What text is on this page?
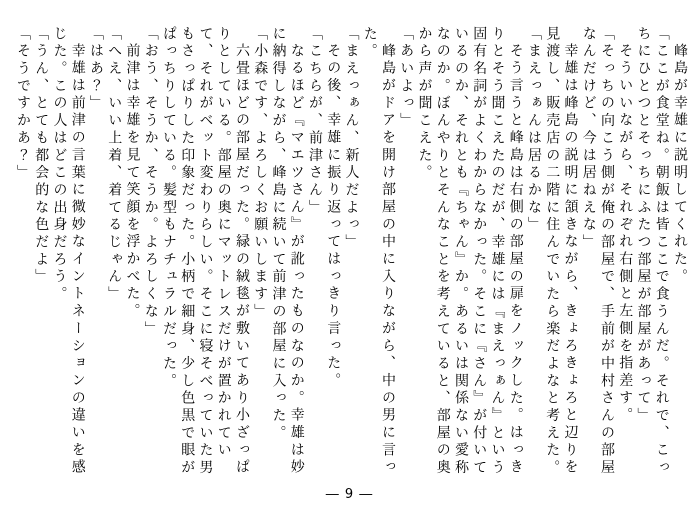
峰島が幸雄に説明してくれた。

「ここが食堂ね。朝飯は皆ここで食うんだ。それで、こっちにひとつとそっちにふたつ部屋が部屋があって」

そういいながら、それぞれ右側と左側を指差す。

「そっちの向こう側が俺の部屋で、手前が中村さんの部屋なんだけど、今は居ねえな」

幸雄は峰島の説明に頷きながら、きょろきょろと辺りを見渡し、販売店の二階に住んでいたら楽だよなと考えた。

「まえっぁんは居るかな」

そう言うと峰島は右側の部屋の扉をノックした。はっきりとそう聞こえたのだが、幸雄には『まえっぁん』という固有名詞がよくわからなかった。そこに『さん』が付いているのか、それとも『ちゃん』か。あるいは関係ない愛称なのか。ぼんやりとそんなことを考えていると、部屋の奥から声が聞こえた。

「あいよっ」

峰島がドアを開け部屋の中に入りながら、中の男に言った。

「まえっぁん、新人だよっ」

その後、幸雄に振り返ってはっきり言った。

「こちらが、前津さん」

なるほど『マエツさん』が訛ったものなのか。幸雄は妙に納得しながら、峰島に続いて前津の部屋に入った。

「小森です、よろしくお願いします」

六畳ほどの部屋だった。緑の絨毯が敷いてあり小ざっぱりとしている。部屋の奥にマットレスだけが置かれていて、それがベット変わりらしい。そこに寝そべっていた男もさっぱりした印象だった。小柄で細身、少し色黒で眼がぱっちりしている。髪型もナチュラルだった。

「おう、そうか、そうか。よろしくな」

前津は幸雄を見て笑顔を浮かべた。

「へえ、いい上着、着てるじゃん」

「はあ？」

幸雄は前津の言葉に微妙なイントネーションの違いを感じた。この人はどこの出身だろう。

「うん、とても都会的な色だよ」

「そうですかあ？」

― 9 ―
